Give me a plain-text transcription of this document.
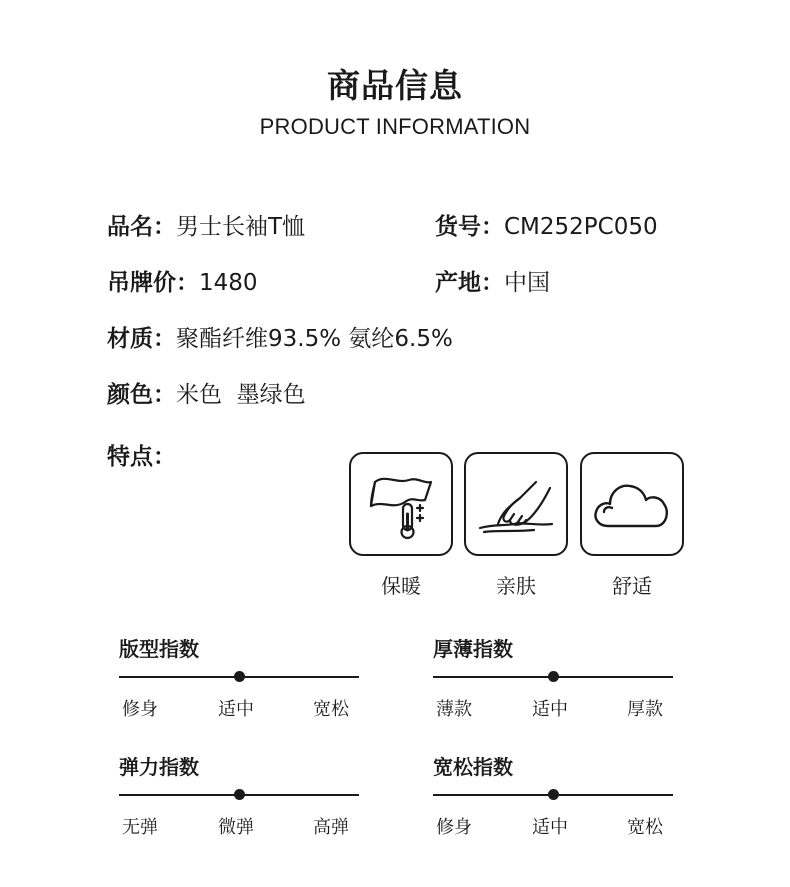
商品信息
PRODUCT INFORMATION
品名：男士长袖T恤	货号：CM252PC050
吊牌价：1480	产地：中国
材质：聚酯纤维93.5% 氨纶6.5%
颜色：米色  墨绿色
特点：
保暖	亲肤	舒适
版型指数
修身	适中	宽松
厚薄指数
薄款	适中	厚款
弹力指数
无弹	微弹	高弹
宽松指数
修身	适中	宽松
